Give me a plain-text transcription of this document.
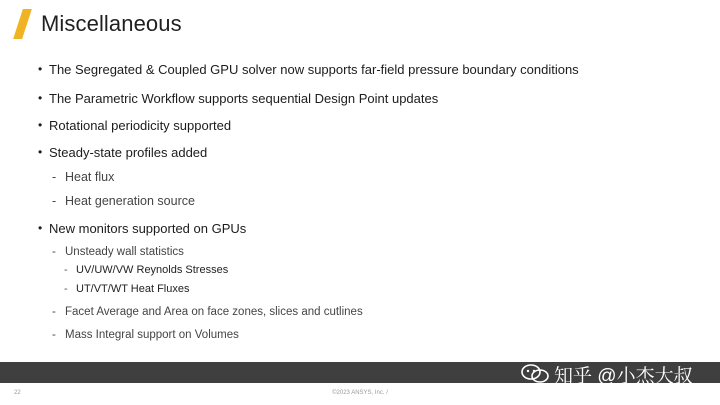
Miscellaneous
• The Segregated & Coupled GPU solver now supports far-field pressure boundary conditions
• The Parametric Workflow supports sequential Design Point updates
• Rotational periodicity supported
• Steady-state profiles added
- Heat flux
- Heat generation source
• New monitors supported on GPUs
- Unsteady wall statistics
- UV/UW/VW Reynolds Stresses
- UT/VT/WT Heat Fluxes
- Facet Average and Area on face zones, slices and cutlines
- Mass Integral support on Volumes
知乎 @小杰大叔
22	©2023 ANSYS, Inc. /
